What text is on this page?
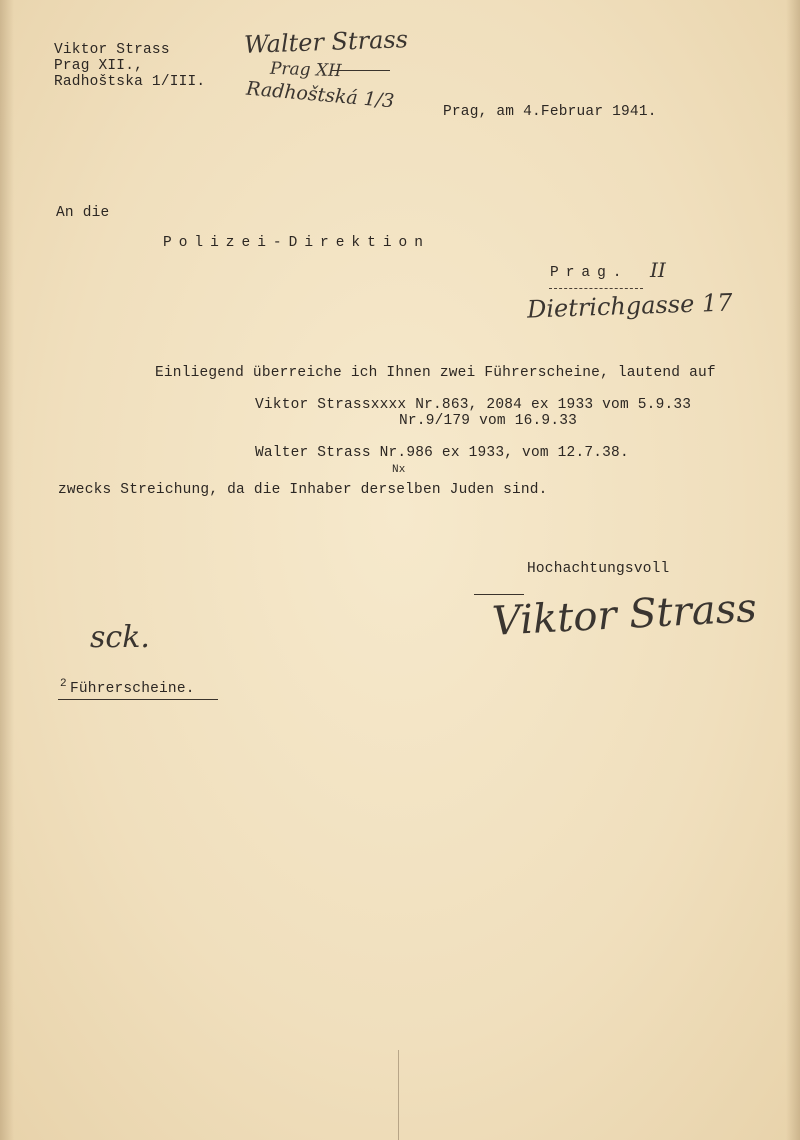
Viktor Strass
Prag XII.,
Radhoštska 1/III.
Walter Strass
Prag XII
Radhoštská 1/3	Prag, am 4.Februar 1941.
An die
Polizei-Direktion
Prag. II
Dietrichgasse 17
Einliegend überreiche ich Ihnen zwei Führerscheine, lautend auf
Viktor Strassxxxx Nr.863, 2084 ex 1933 vom 5.9.33
Nr.9/179 vom 16.9.33
Walter Strass Nr.986 ex 1933, vom 12.7.38.
Nx
zwecks Streichung, da die Inhaber derselben Juden sind.
Hochachtungsvoll
Viktor Strass
sck.
2 Führerscheine.
